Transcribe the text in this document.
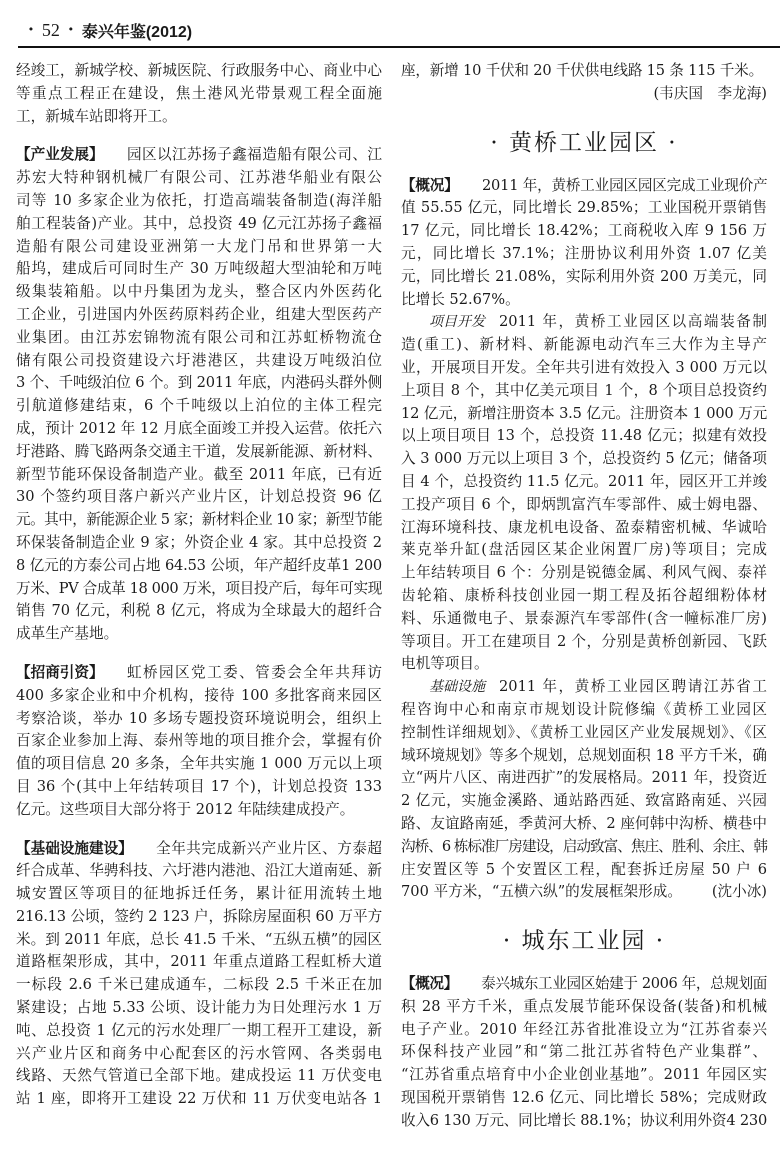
· 52 · 泰兴年鉴(2012)
经竣工，新城学校、新城医院、行政服务中心、商业中心
等重点工程正在建设，焦土港风光带景观工程全面施
工，新城车站即将开工。
【产业发展】 园区以江苏扬子鑫福造船有限公司、江
苏宏大特种钢机械厂有限公司、江苏港华船业有限公
司等 10 多家企业为依托，打造高端装备制造(海洋船
舶工程装备)产业。其中，总投资 49 亿元江苏扬子鑫福
造船有限公司建设亚洲第一大龙门吊和世界第一大
船坞，建成后可同时生产 30 万吨级超大型油轮和万吨
级集装箱船。以中丹集团为龙头，整合区内外医药化
工企业，引进国内外医药原料药企业，组建大型医药产
业集团。由江苏宏锦物流有限公司和江苏虹桥物流仓
储有限公司投资建设六圩港港区，共建设万吨级泊位
3 个、千吨级泊位 6 个。到 2011 年底，内港码头群外侧
引航道修建结束，6 个千吨级以上泊位的主体工程完
成，预计 2012 年 12 月底全面竣工并投入运营。依托六
圩港路、腾飞路两条交通主干道，发展新能源、新材料、
新型节能环保设备制造产业。截至 2011 年底，已有近
30 个签约项目落户新兴产业片区，计划总投资 96 亿
元。其中，新能源企业 5 家；新材料企业 10 家；新型节能
环保装备制造企业 9 家；外资企业 4 家。其中总投资 2
8 亿元的方泰公司占地 64.53 公顷，年产超纤皮革1 200
万米、PV 合成革 18 000 万米，项目投产后，每年可实现
销售 70 亿元，利税 8 亿元，将成为全球最大的超纤合
成革生产基地。
【招商引资】 虹桥园区党工委、管委会全年共拜访
400 多家企业和中介机构，接待 100 多批客商来园区
考察洽谈，举办 10 多场专题投资环境说明会，组织上
百家企业参加上海、泰州等地的项目推介会，掌握有价
值的项目信息 20 多条，全年共实施 1 000 万元以上项
目 36 个(其中上年结转项目 17 个)，计划总投资 133
亿元。这些项目大部分将于 2012 年陆续建成投产。
【基础设施建设】 全年共完成新兴产业片区、方泰超
纤合成革、华骋科技、六圩港内港池、沿江大道南延、新
城安置区等项目的征地拆迁任务，累计征用流转土地
216.13 公顷，签约 2 123 户，拆除房屋面积 60 万平方
米。到 2011 年底，总长 41.5 千米、“五纵五横”的园区
道路框架形成，其中，2011 年重点道路工程虹桥大道
一标段 2.6 千米已建成通车，二标段 2.5 千米正在加
紧建设；占地 5.33 公顷、设计能力为日处理污水 1 万
吨、总投资 1 亿元的污水处理厂一期工程开工建设，新
兴产业片区和商务中心配套区的污水管网、各类弱电
线路、天然气管道已全部下地。建成投运 11 万伏变电
站 1 座，即将开工建设 22 万伏和 11 万伏变电站各 1
座，新增 10 千伏和 20 千伏供电线路 15 条 115 千米。
(韦庆国　李龙海)
· 黄桥工业园区 ·
【概况】 2011 年，黄桥工业园区园区完成工业现价产
值 55.55 亿元，同比增长 29.85%；工业国税开票销售
17 亿元，同比增长 18.42%；工商税收入库 9 156 万
元，同比增长 37.1%；注册协议利用外资 1.07 亿美
元，同比增长 21.08%，实际利用外资 200 万美元，同
比增长 52.67%。
项目开发 2011 年，黄桥工业园区以高端装备制
造(重工)、新材料、新能源电动汽车三大作为主导产
业，开展项目开发。全年共引进有效投入 3 000 万元以
上项目 8 个，其中亿美元项目 1 个，8 个项目总投资约
12 亿元，新增注册资本 3.5 亿元。注册资本 1 000 万元
以上项目项目 13 个，总投资 11.48 亿元；拟建有效投
入 3 000 万元以上项目 3 个，总投资约 5 亿元；储备项
目 4 个，总投资约 11.5 亿元。2011 年，园区开工并竣
工投产项目 6 个，即炳凯富汽车零部件、威士姆电器、
江海环境科技、康龙机电设备、盈泰精密机械、华诚哈
莱克举升缸(盘活园区某企业闲置厂房)等项目；完成
上年结转项目 6 个：分别是锐德金属、利风气阀、泰祥
齿轮箱、康桥科技创业园一期工程及拓谷超细粉体材
料、乐通微电子、景泰源汽车零部件(含一幢标准厂房)
等项目。开工在建项目 2 个，分别是黄桥创新园、飞跃
电机等项目。
基础设施 2011 年，黄桥工业园区聘请江苏省工
程咨询中心和南京市规划设计院修编《黄桥工业园区
控制性详细规划》、《黄桥工业园区产业发展规划》、《区
域环境规划》等多个规划，总规划面积 18 平方千米，确
立“两片八区、南进西扩”的发展格局。2011 年，投资近
2 亿元，实施金溪路、通站路西延、致富路南延、兴园
路、友谊路南延，季黄河大桥、2 座何韩中沟桥、横巷中
沟桥、6 栋标准厂房建设，启动致富、焦庄、胜利、余庄、韩
庄安置区等 5 个安置区工程，配套拆迁房屋 50 户 6
700 平方米，“五横六纵”的发展框架形成。 (沈小冰)
· 城东工业园 ·
【概况】 泰兴城东工业园区始建于 2006 年，总规划面
积 28 平方千米，重点发展节能环保设备(装备)和机械
电子产业。2010 年经江苏省批准设立为“江苏省泰兴
环保科技产业园”和“第二批江苏省特色产业集群”、
“江苏省重点培育中小企业创业基地”。2011 年园区实
现国税开票销售 12.6 亿元、同比增长 58%；完成财政
收入6 130 万元、同比增长 88.1%；协议利用外资4 230
